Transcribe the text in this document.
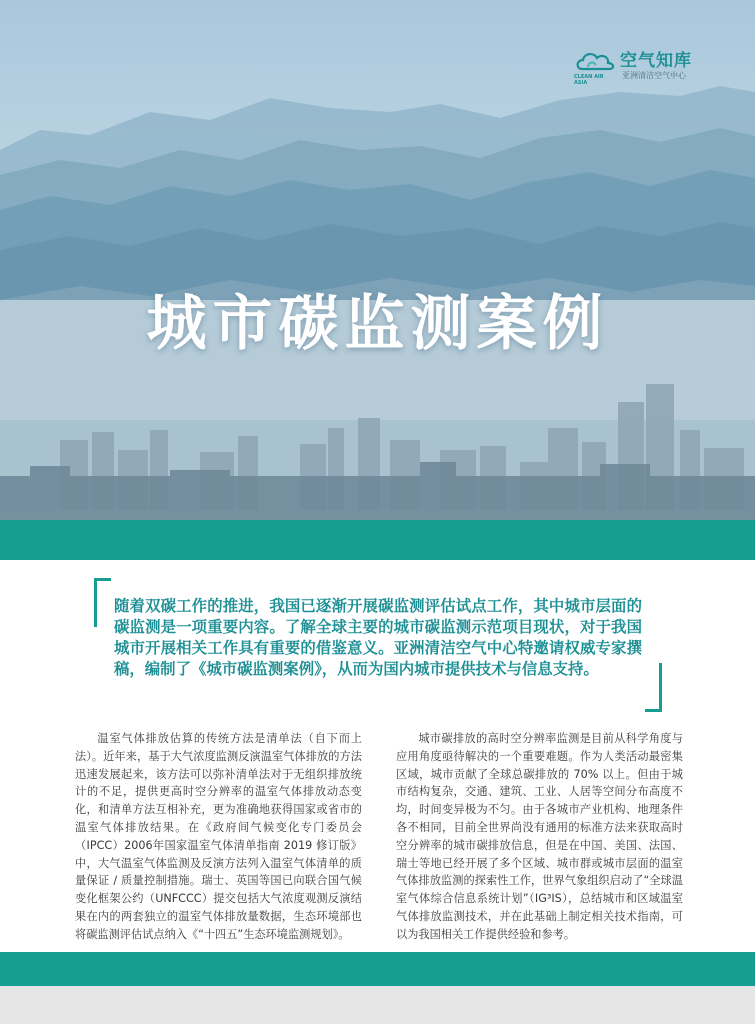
CLEAN AIR ASIA
空气知库
亚洲清洁空气中心
城市碳监测案例
随着双碳工作的推进，我国已逐渐开展碳监测评估试点工作，其中城市层面的碳监测是一项重要内容。了解全球主要的城市碳监测示范项目现状，对于我国城市开展相关工作具有重要的借鉴意义。亚洲清洁空气中心特邀请权威专家撰稿，编制了《城市碳监测案例》，从而为国内城市提供技术与信息支持。

温室气体排放估算的传统方法是清单法（自下而上法）。近年来，基于大气浓度监测反演温室气体排放的方法迅速发展起来，该方法可以弥补清单法对于无组织排放统计的不足，提供更高时空分辨率的温室气体排放动态变化，和清单方法互相补充，更为准确地获得国家或省市的温室气体排放结果。在《政府间气候变化专门委员会（IPCC）2006年国家温室气体清单指南 2019 修订版》中，大气温室气体监测及反演方法列入温室气体清单的质量保证 / 质量控制措施。瑞士、英国等国已向联合国气候变化框架公约（UNFCCC）提交包括大气浓度观测反演结果在内的两套独立的温室气体排放量数据，生态环境部也将碳监测评估试点纳入《“十四五”生态环境监测规划》。

城市碳排放的高时空分辨率监测是目前从科学角度与应用角度亟待解决的一个重要难题。作为人类活动最密集区域，城市贡献了全球总碳排放的 70% 以上。但由于城市结构复杂，交通、建筑、工业、人居等空间分布高度不均，时间变异极为不匀。由于各城市产业机构、地理条件各不相同，目前全世界尚没有通用的标准方法来获取高时空分辨率的城市碳排放信息，但是在中国、美国、法国、瑞士等地已经开展了多个区域、城市群或城市层面的温室气体排放监测的探索性工作，世界气象组织启动了“全球温室气体综合信息系统计划”（IG³IS），总结城市和区域温室气体排放监测技术，并在此基础上制定相关技术指南，可以为我国相关工作提供经验和参考。
